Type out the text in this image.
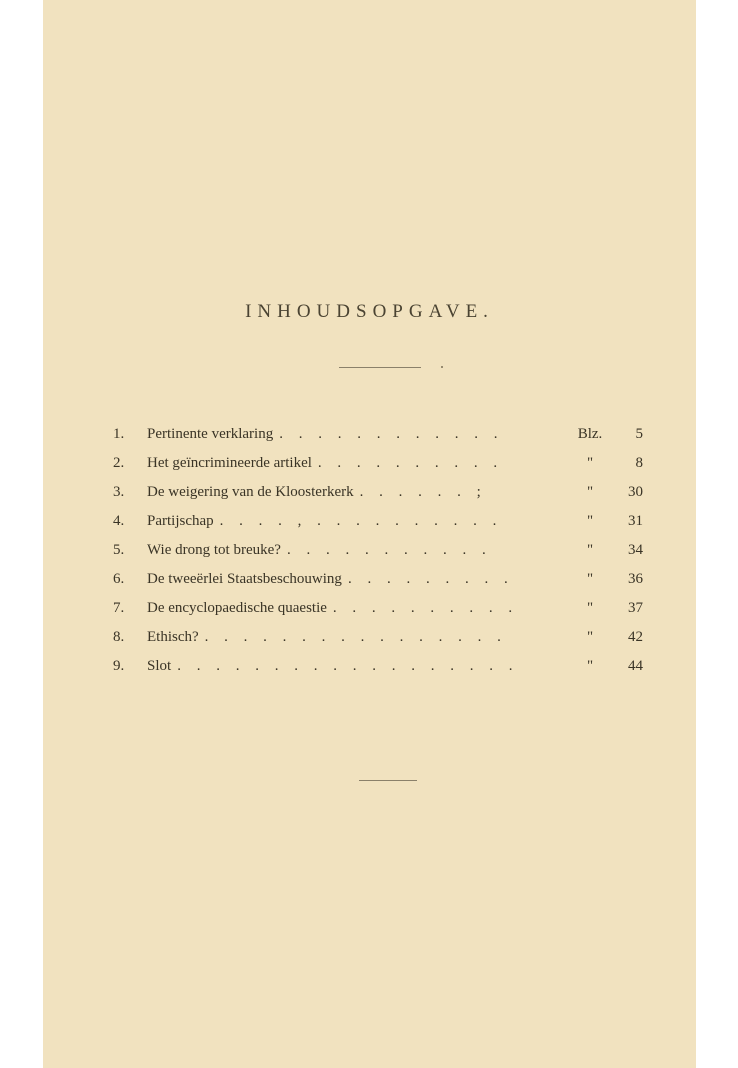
INHOUDSOPGAVE.
1.	Pertinente verklaring . . . . . . . . . . . .	Blz.	5
2.	Het geïncrimineerde artikel . . . . . . . . . .	"	8
3.	De weigering van de Kloosterkerk . . . . . . ;	"	30
4.	Partijschap . . . . , . . . . . . . . . .	"	31
5.	Wie drong tot breuke? . . . . . . . . . . .	"	34
6.	De tweeërlei Staatsbeschouwing . . . . . . . . .	"	36
7.	De encyclopaedische quaestie . . . . . . . . . .	"	37
8.	Ethisch? . . . . . . . . . . . . . . . .	"	42
9.	Slot . . . . . . . . . . . . . . . . . .	"	44
